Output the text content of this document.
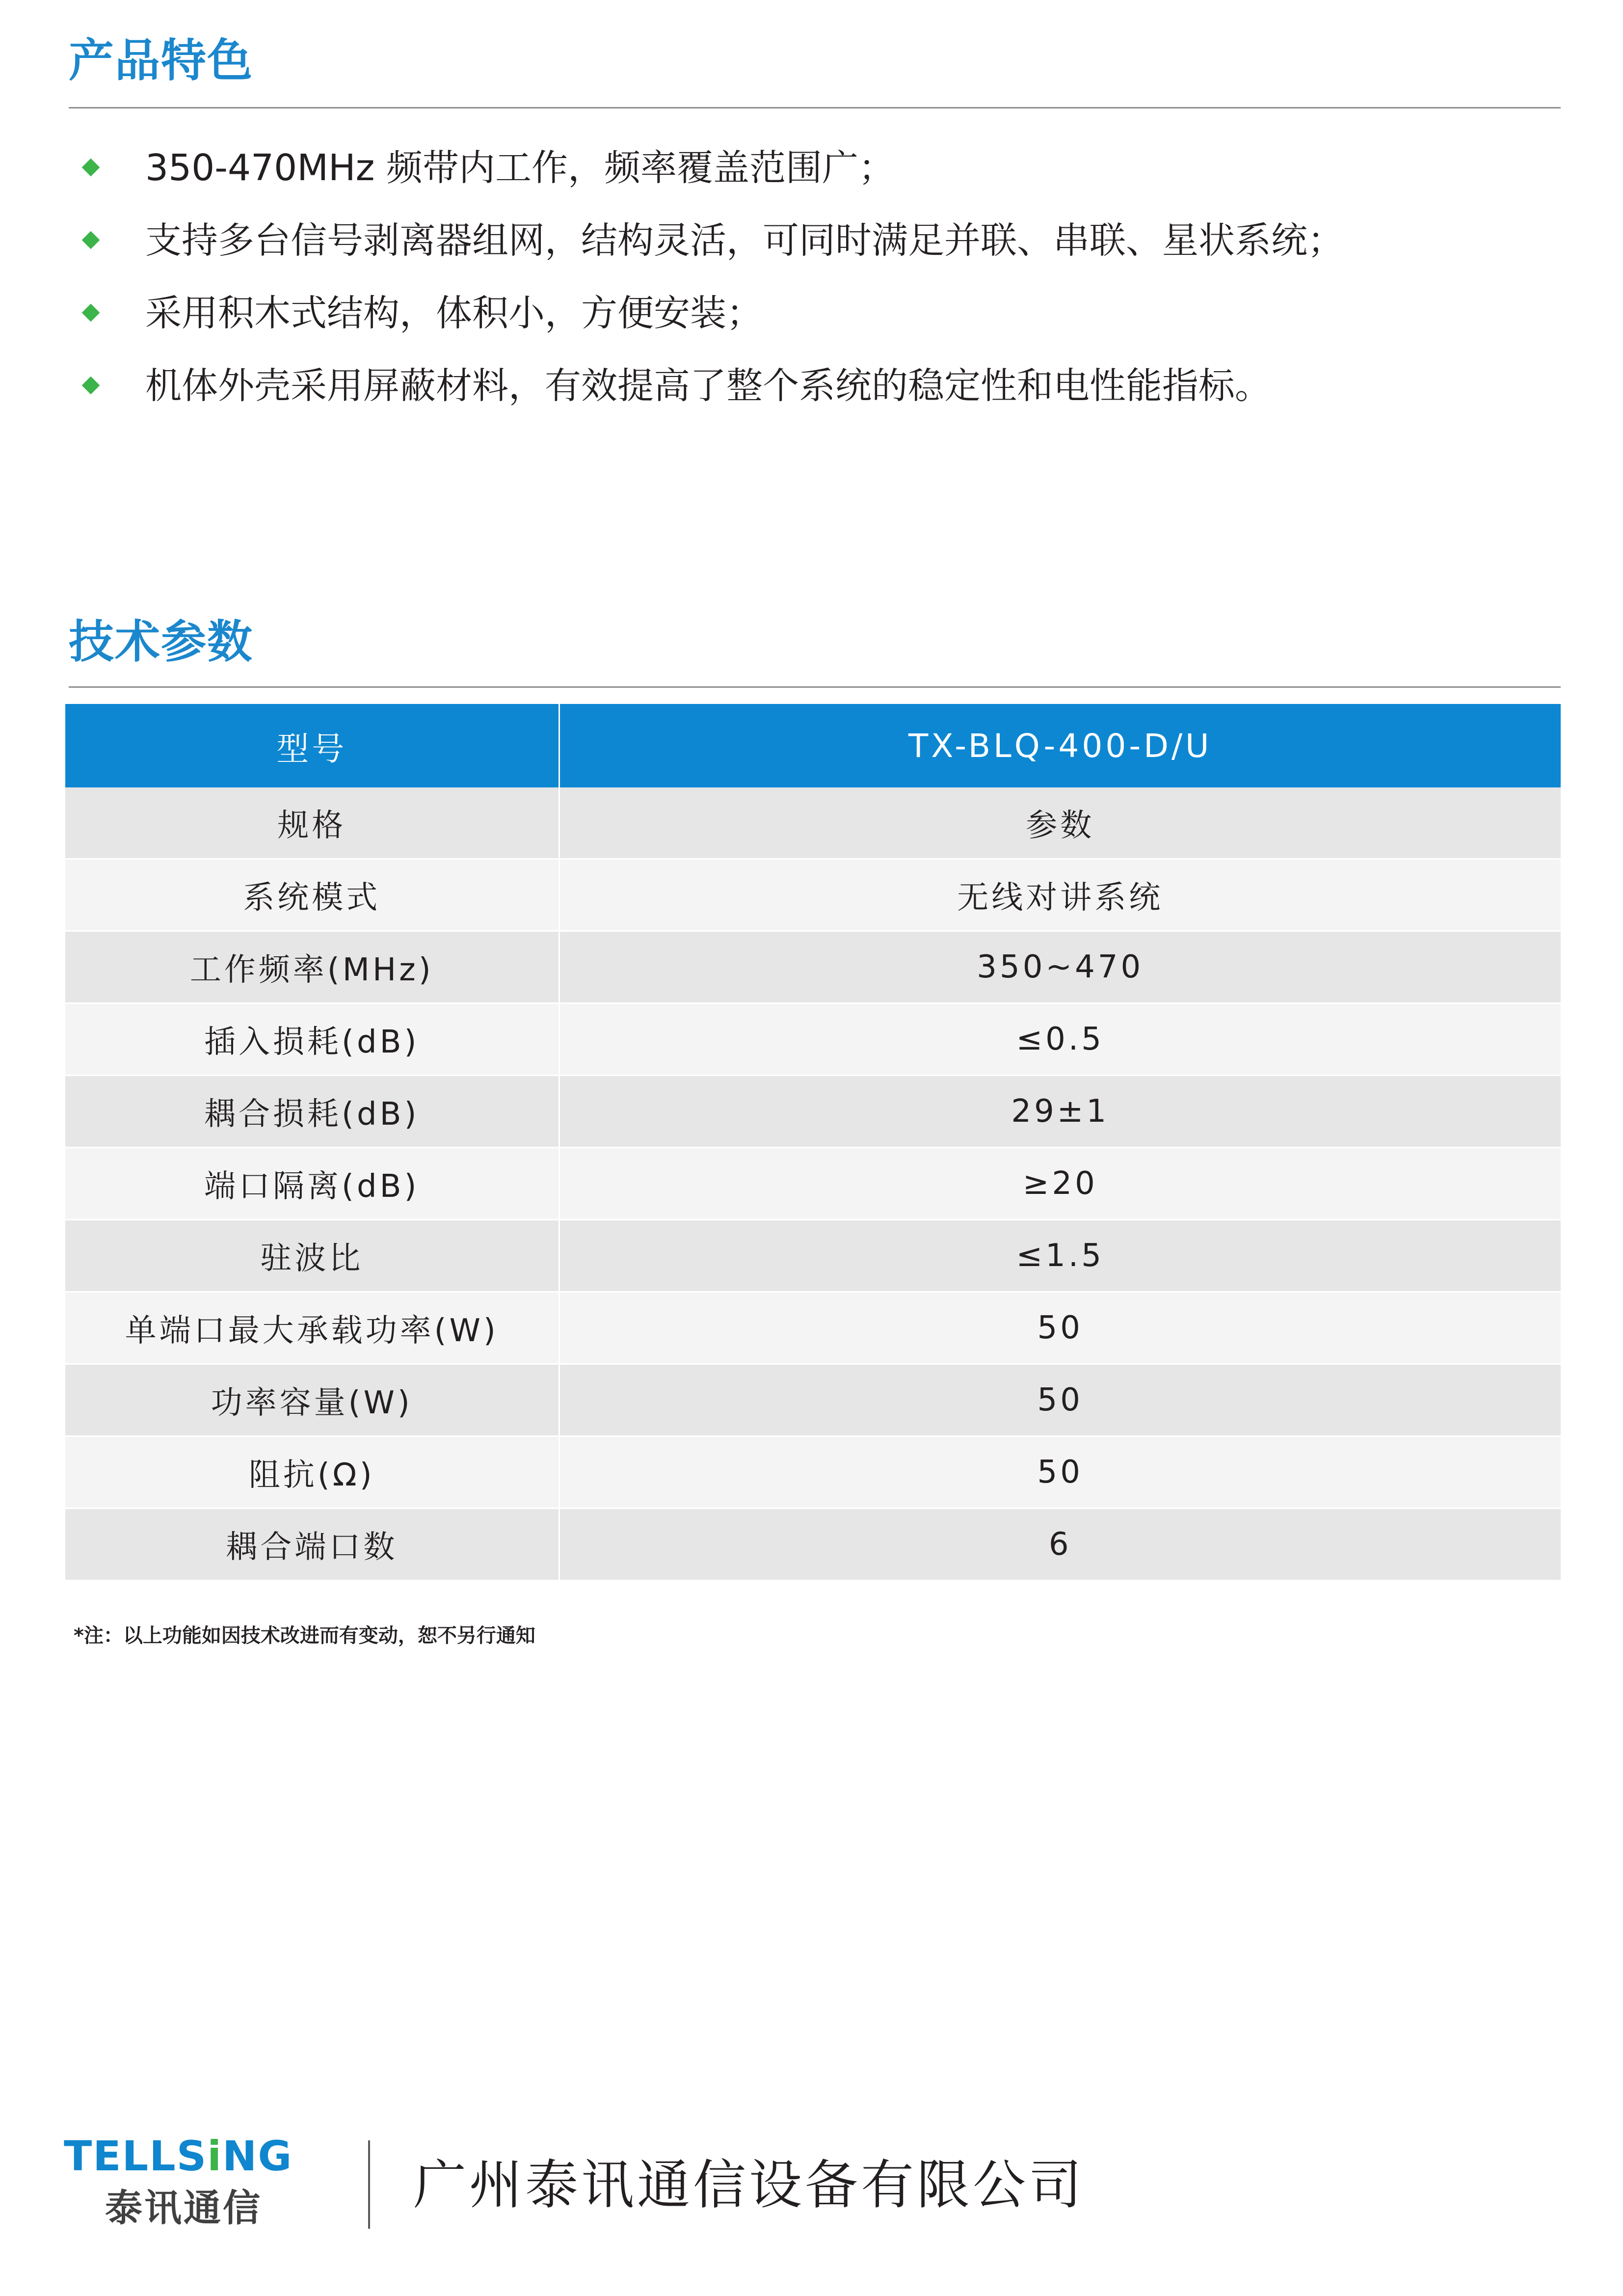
产品特色
350-470MHz 频带内工作，频率覆盖范围广；
支持多台信号剥离器组网，结构灵活，可同时满足并联、串联、星状系统；
采用积木式结构，体积小，方便安装；
机体外壳采用屏蔽材料，有效提高了整个系统的稳定性和电性能指标。
技术参数
型号	TX-BLQ-400-D/U
规格	参数
系统模式	无线对讲系统
工作频率(MHz)	350~470
插入损耗(dB)	≤0.5
耦合损耗(dB)	29±1
端口隔离(dB)	≥20
驻波比	≤1.5
单端口最大承载功率(W)	50
功率容量(W)	50
阻抗(Ω)	50
耦合端口数	6
*注：以上功能如因技术改进而有变动，恕不另行通知
TELLSiNG
泰讯通信	广州泰讯通信设备有限公司
